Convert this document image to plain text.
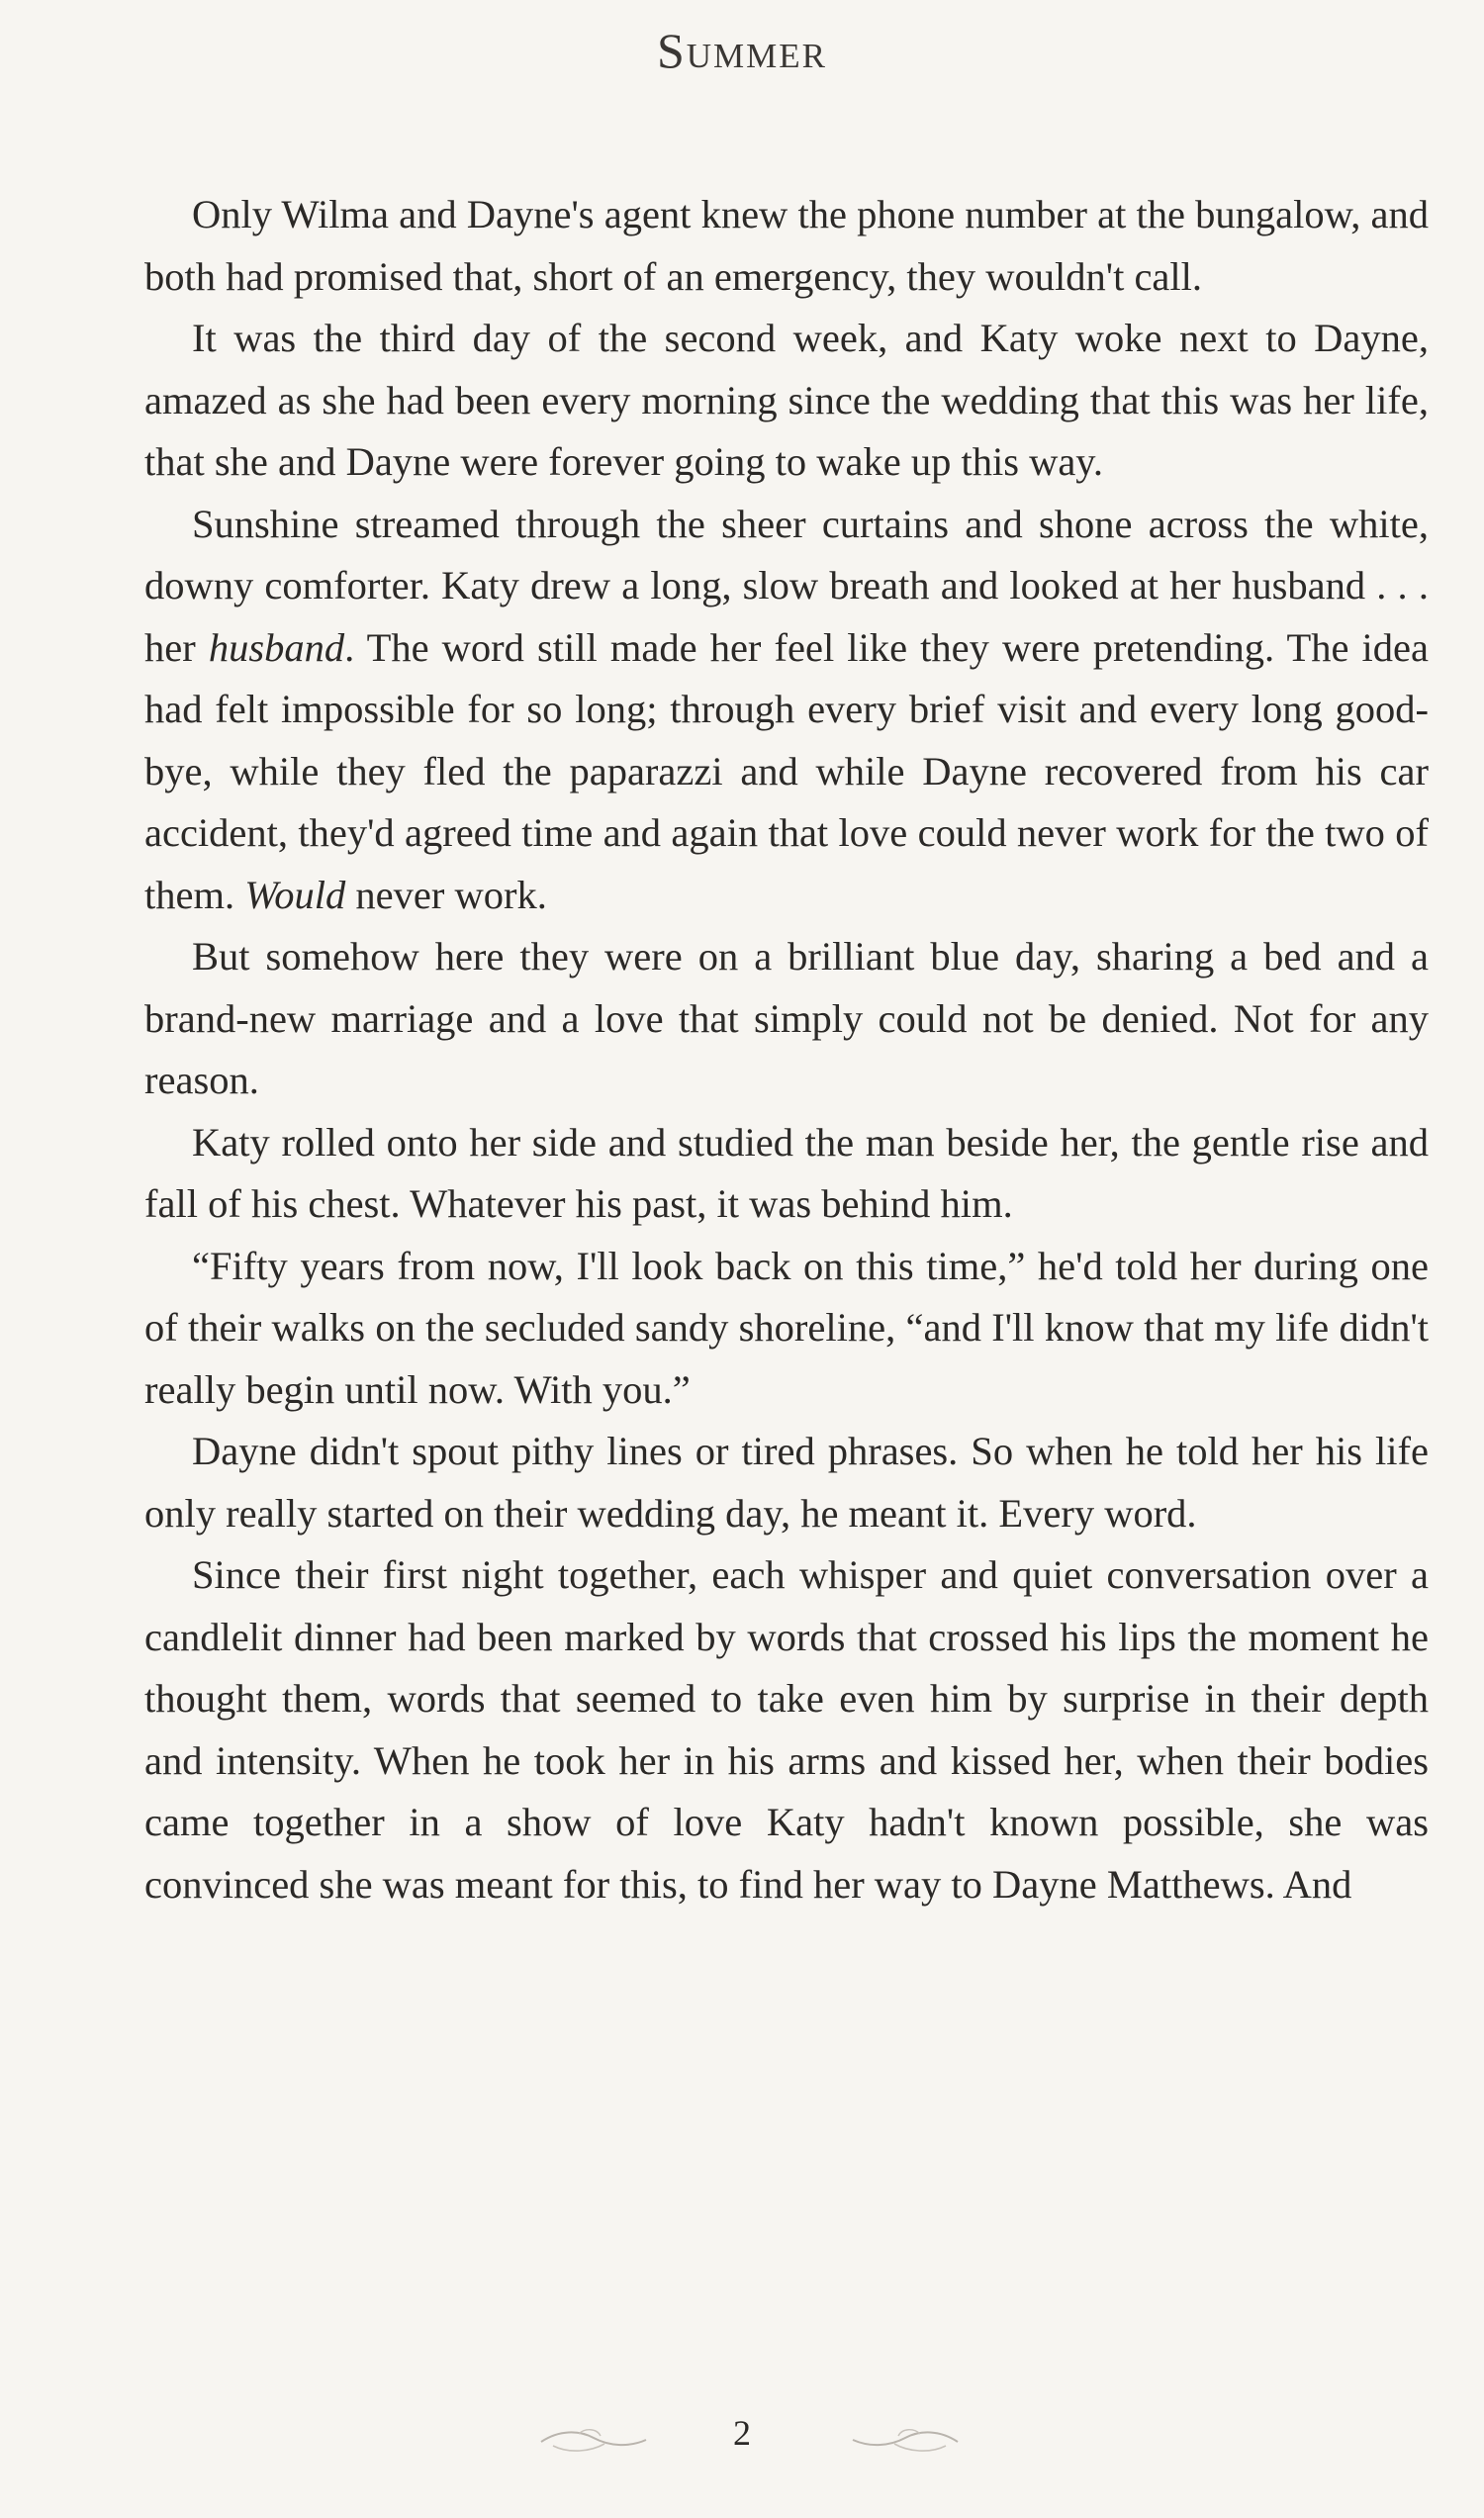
Summer

Only Wilma and Dayne's agent knew the phone number at the bungalow, and both had promised that, short of an emergency, they wouldn't call.

It was the third day of the second week, and Katy woke next to Dayne, amazed as she had been every morning since the wedding that this was her life, that she and Dayne were forever going to wake up this way.

Sunshine streamed through the sheer curtains and shone across the white, downy comforter. Katy drew a long, slow breath and looked at her husband . . . her husband. The word still made her feel like they were pretending. The idea had felt impossible for so long; through every brief visit and every long good-bye, while they fled the paparazzi and while Dayne recovered from his car accident, they'd agreed time and again that love could never work for the two of them. Would never work.

But somehow here they were on a brilliant blue day, sharing a bed and a brand-new marriage and a love that simply could not be denied. Not for any reason.

Katy rolled onto her side and studied the man beside her, the gentle rise and fall of his chest. Whatever his past, it was behind him.

“Fifty years from now, I'll look back on this time,” he'd told her during one of their walks on the secluded sandy shoreline, “and I'll know that my life didn't really begin until now. With you.”

Dayne didn't spout pithy lines or tired phrases. So when he told her his life only really started on their wedding day, he meant it. Every word.

Since their first night together, each whisper and quiet conversation over a candlelit dinner had been marked by words that crossed his lips the moment he thought them, words that seemed to take even him by surprise in their depth and intensity. When he took her in his arms and kissed her, when their bodies came together in a show of love Katy hadn't known possible, she was convinced she was meant for this, to find her way to Dayne Matthews. And

2
